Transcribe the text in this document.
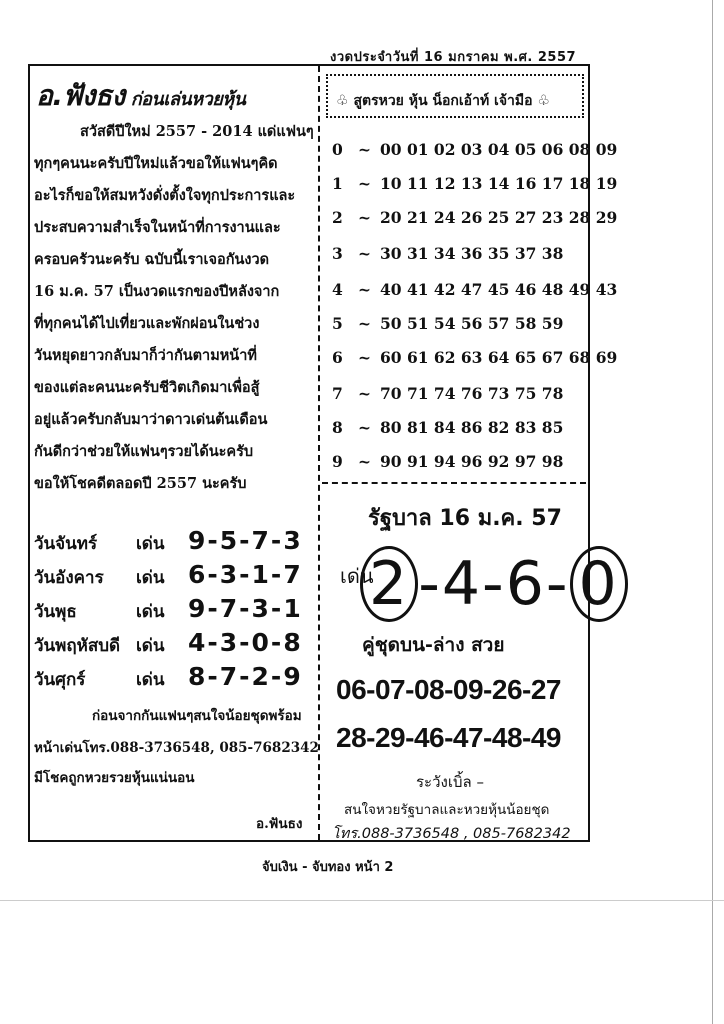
งวดประจำวันที่ 16 มกราคม พ.ศ. 2557
อ.ฟังธง ก่อนเล่นหวยหุ้น

สวัสดีปีใหม่ 2557 - 2014 แด่แฟนๆ

ทุกๆคนนะครับปีใหม่แล้วขอให้แฟนๆคิด

อะไรก็ขอให้สมหวังดั่งตั้งใจทุกประการและ

ประสบความสำเร็จในหน้าที่การงานและ

ครอบครัวนะครับ ฉบับนี้เราเจอกันงวด

16 ม.ค. 57 เป็นงวดแรกของปีหลังจาก

ที่ทุกคนได้ไปเที่ยวและพักผ่อนในช่วง

วันหยุดยาวกลับมาก็ว่ากันตามหน้าที่

ของแต่ละคนนะครับชีวิตเกิดมาเพื่อสู้

อยู่แล้วครับกลับมาว่าดาวเด่นต้นเดือน

กันดีกว่าช่วยให้แฟนๆรวยได้นะครับ

ขอให้โชคดีตลอดปี 2557 นะครับ

วันจันทร์ เด่น 9-5-7-3
วันอังคาร เด่น 6-3-1-7
วันพุธ	เด่น 9-7-3-1
วันพฤหัสบดี เด่น 4-3-0-8
วันศุกร์	เด่น 8-7-2-9
ก่อนจากกันแฟนๆสนใจน้อยชุดพร้อม
หน้าเด่นโทร.088-3736548, 085-7682342
มีโชคถูกหวยรวยหุ้นแน่นอน
อ.ฟันธง
♧ สูตรหวย หุ้น น็อกเอ้าท์ เจ้ามือ ♧
0 ~ 00 01 02 03 04 05 06 08 09
1 ~ 10 11 12 13 14 16 17 18 19
2 ~ 20 21 24 26 25 27 23 28 29
3 ~ 30 31 34 36 35 37 38
4 ~ 40 41 42 47 45 46 48 49 43
5 ~ 50 51 54 56 57 58 59
6 ~ 60 61 62 63 64 65 67 68 69
7 ~ 70 71 74 76 73 75 78
8 ~ 80 81 84 86 82 83 85
9 ~ 90 91 94 96 92 97 98
รัฐบาล 16 ม.ค. 57
เด่น
2 -4-6- 0
คู่ชุดบน-ล่าง สวย
06-07-08-09-26-27
28-29-46-47-48-49
ระวังเบิ้ล –
สนใจหวยรัฐบาลและหวยหุ้นน้อยชุด
โทร.088-3736548 , 085-7682342
จับเงิน - จับทอง หน้า 2
